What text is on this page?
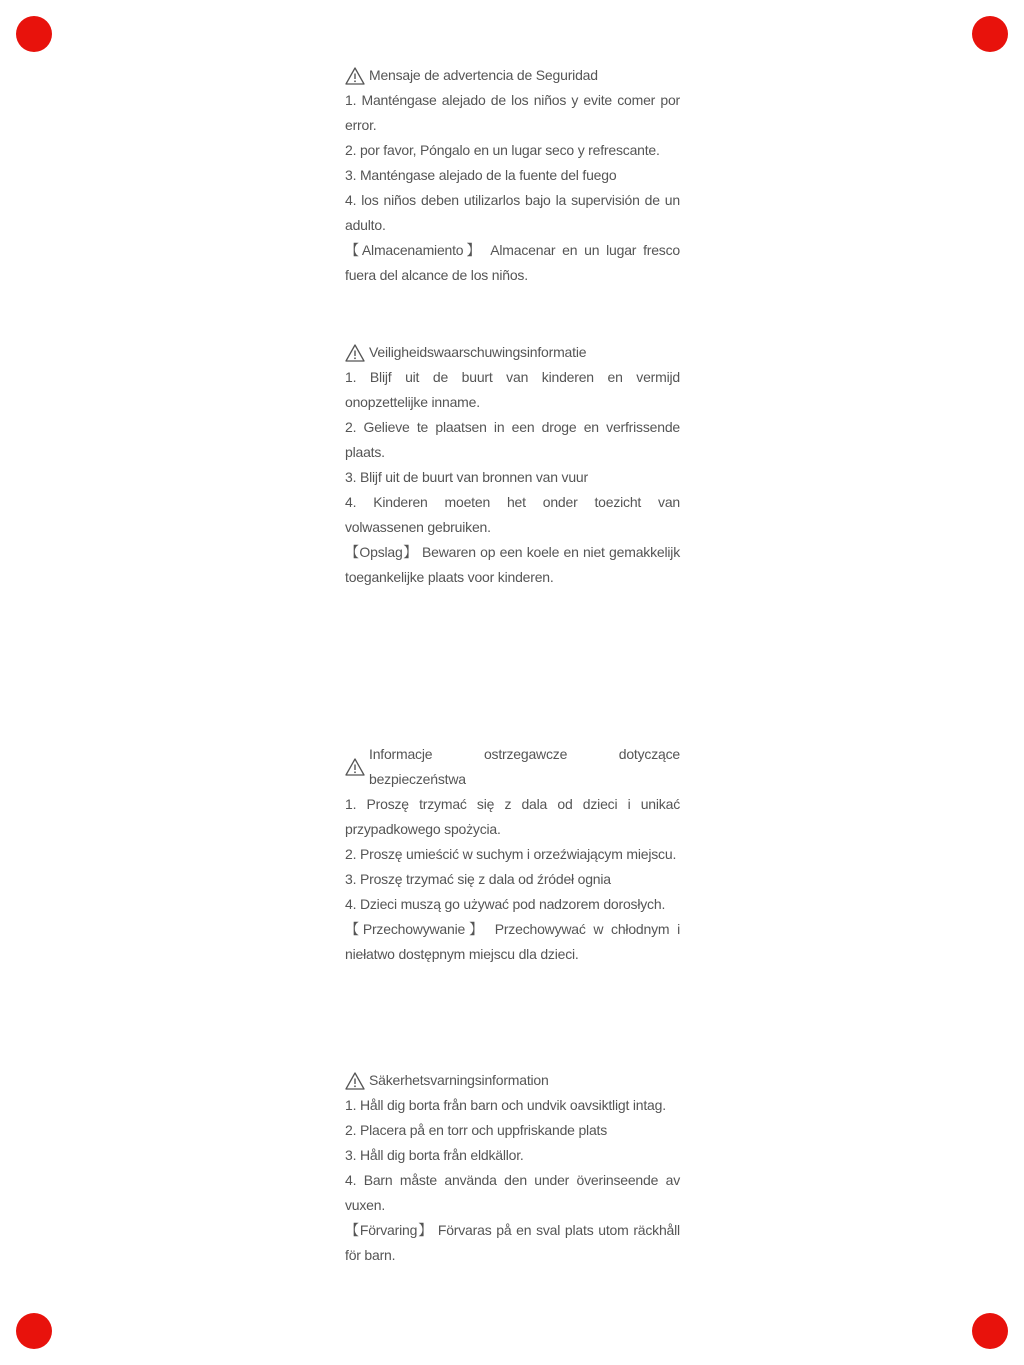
Mensaje de advertencia de Seguridad

1. Manténgase alejado de los niños y evite comer por error.

2. por favor, Póngalo en un lugar seco y refrescante.

3. Manténgase alejado de la fuente del fuego

4. los niños deben utilizarlos bajo la supervisión de un adulto.

【Almacenamiento】 Almacenar en un lugar fresco fuera del alcance de los niños.

Veiligheidswaarschuwingsinformatie

1. Blijf uit de buurt van kinderen en vermijd onopzettelijke inname.

2. Gelieve te plaatsen in een droge en verfrissende plaats.

3. Blijf uit de buurt van bronnen van vuur

4. Kinderen moeten het onder toezicht van volwassenen gebruiken.

【Opslag】 Bewaren op een koele en niet gemakkelijk toegankelijke plaats voor kinderen.

Informacje ostrzegawcze dotyczące bezpieczeństwa

1. Proszę trzymać się z dala od dzieci i unikać przypadkowego spożycia.

2. Proszę umieścić w suchym i orzeźwiającym miejscu.

3. Proszę trzymać się z dala od źródeł ognia

4. Dzieci muszą go używać pod nadzorem dorosłych.

【Przechowywanie】 Przechowywać w chłodnym i niełatwo dostępnym miejscu dla dzieci.

Säkerhetsvarningsinformation

1. Håll dig borta från barn och undvik oavsiktligt intag.

2. Placera på en torr och uppfriskande plats

3. Håll dig borta från eldkällor.

4. Barn måste använda den under överinseende av vuxen.

【Förvaring】 Förvaras på en sval plats utom räckhåll för barn.
